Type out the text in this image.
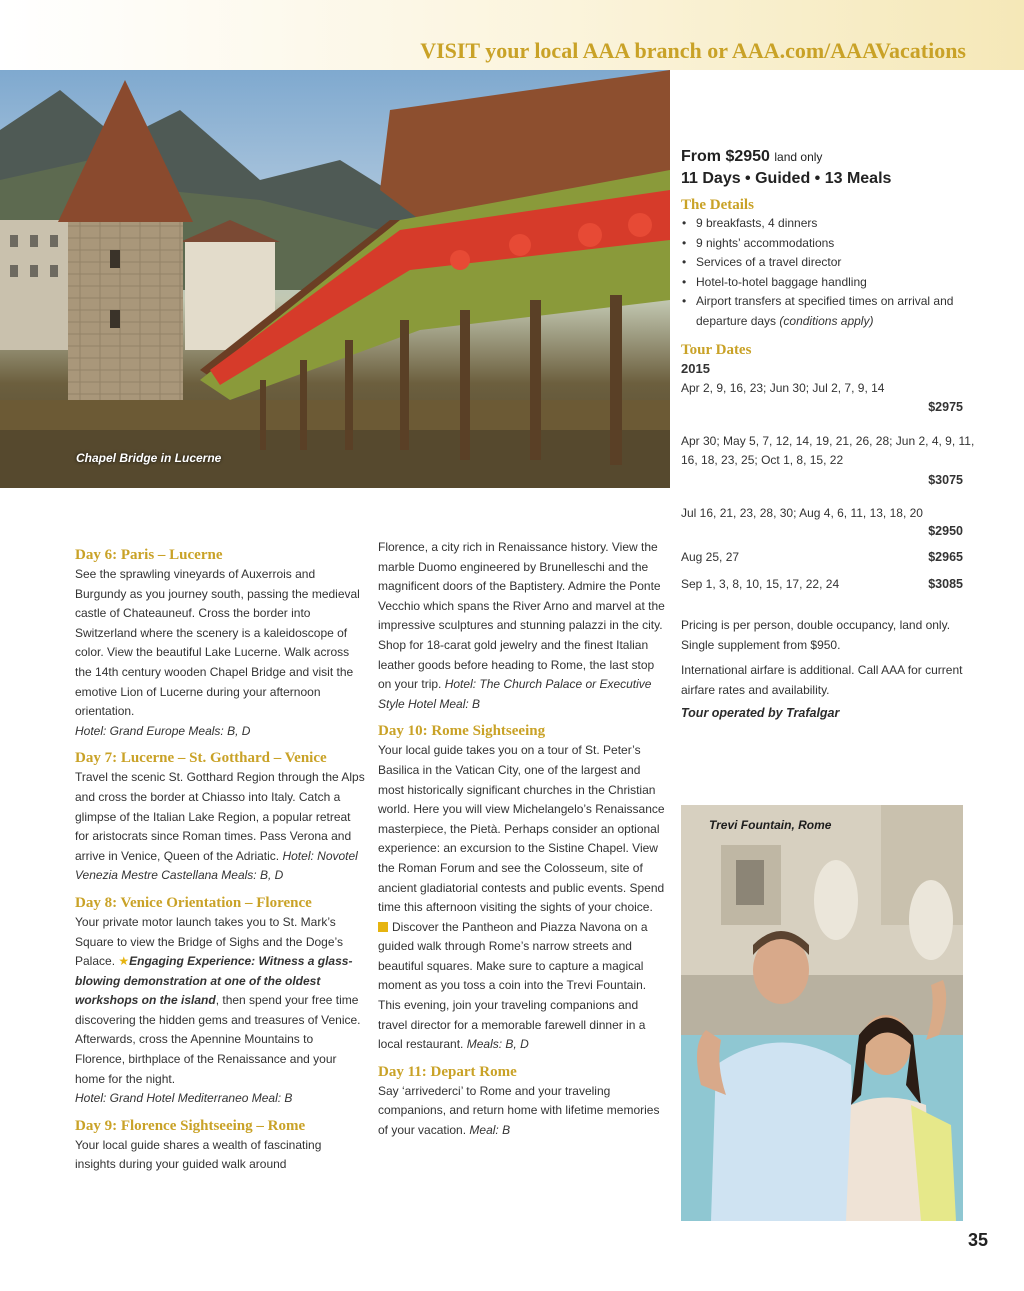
VISIT your local AAA branch or AAA.com/AAAVacations
Chapel Bridge in Lucerne
From $2950 land only
11 Days • Guided • 13 Meals
The Details
• 9 breakfasts, 4 dinners
• 9 nights’ accommodations
• Services of a travel director
• Hotel-to-hotel baggage handling
• Airport transfers at specified times on arrival and departure days (conditions apply)
Tour Dates
2015
Apr 2, 9, 16, 23; Jun 30; Jul 2, 7, 9, 14
$2975
Apr 30; May 5, 7, 12, 14, 19, 21, 26, 28; Jun 2, 4, 9, 11, 16, 18, 23, 25; Oct 1, 8, 15, 22
$3075
Jul 16, 21, 23, 28, 30; Aug 4, 6, 11, 13, 18, 20
$2950
Aug 25, 27	$2965
Sep 1, 3, 8, 10, 15, 17, 22, 24	$3085
Pricing is per person, double occupancy, land only. Single supplement from $950.
International airfare is additional. Call AAA for current airfare rates and availability.
Tour operated by Trafalgar
Day 6: Paris – Lucerne
See the sprawling vineyards of Auxerrois and Burgundy as you journey south, passing the medieval castle of Chateauneuf. Cross the border into Switzerland where the scenery is a kaleidoscope of color. View the beautiful Lake Lucerne. Walk across the 14th century wooden Chapel Bridge and visit the emotive Lion of Lucerne during your afternoon orientation.
Hotel: Grand Europe Meals: B, D
Day 7: Lucerne – St. Gotthard – Venice
Travel the scenic St. Gotthard Region through the Alps and cross the border at Chiasso into Italy. Catch a glimpse of the Italian Lake Region, a popular retreat for aristocrats since Roman times. Pass Verona and arrive in Venice, Queen of the Adriatic. Hotel: Novotel Venezia Mestre Castellana Meals: B, D
Day 8: Venice Orientation – Florence
Your private motor launch takes you to St. Mark’s Square to view the Bridge of Sighs and the Doge’s Palace. ★Engaging Experience: Witness a glass-blowing demonstration at one of the oldest workshops on the island, then spend your free time discovering the hidden gems and treasures of Venice. Afterwards, cross the Apennine Mountains to Florence, birthplace of the Renaissance and your home for the night.
Hotel: Grand Hotel Mediterraneo Meal: B
Day 9: Florence Sightseeing – Rome
Your local guide shares a wealth of fascinating insights during your guided walk around
Florence, a city rich in Renaissance history. View the marble Duomo engineered by Brunelleschi and the magnificent doors of the Baptistery. Admire the Ponte Vecchio which spans the River Arno and marvel at the impressive sculptures and stunning palazzi in the city. Shop for 18-carat gold jewelry and the finest Italian leather goods before heading to Rome, the last stop on your trip. Hotel: The Church Palace or Executive Style Hotel Meal: B
Day 10: Rome Sightseeing
Your local guide takes you on a tour of St. Peter’s Basilica in the Vatican City, one of the largest and most historically significant churches in the Christian world. Here you will view Michelangelo’s Renaissance masterpiece, the Pietà. Perhaps consider an optional experience: an excursion to the Sistine Chapel. View the Roman Forum and see the Colosseum, site of ancient gladiatorial contests and public events. Spend time this afternoon visiting the sights of your choice.
Discover the Pantheon and Piazza Navona on a guided walk through Rome’s narrow streets and beautiful squares. Make sure to capture a magical moment as you toss a coin into the Trevi Fountain. This evening, join your traveling companions and travel director for a memorable farewell dinner in a local restaurant. Meals: B, D
Day 11: Depart Rome
Say ‘arrivederci’ to Rome and your traveling companions, and return home with lifetime memories of your vacation. Meal: B
Trevi Fountain, Rome
35
